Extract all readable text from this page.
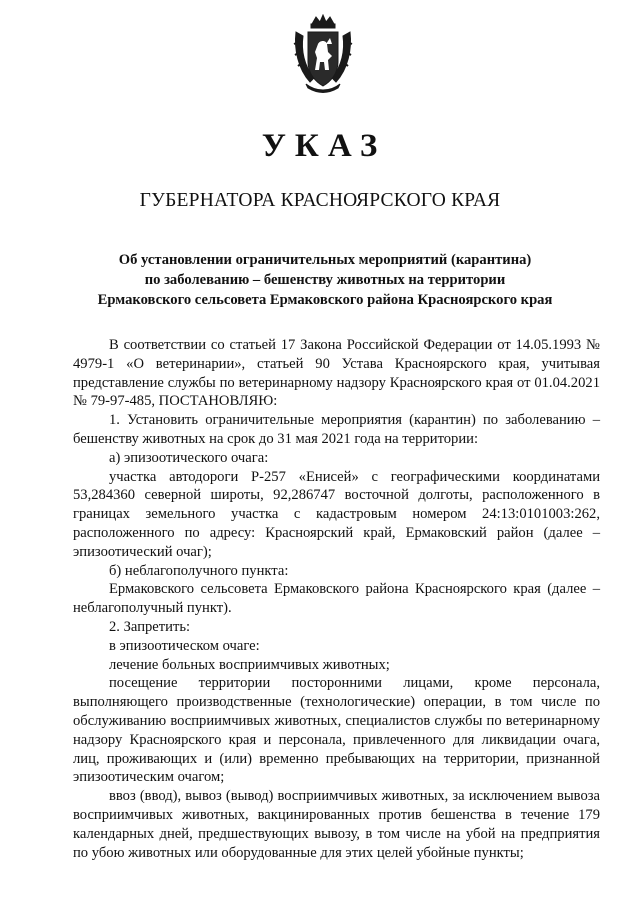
УКАЗ
ГУБЕРНАТОРА КРАСНОЯРСКОГО КРАЯ
Об установлении ограничительных мероприятий (карантина)
по заболеванию – бешенству животных на территории
Ермаковского сельсовета Ермаковского района Красноярского края

В соответствии со статьей 17 Закона Российской Федерации от 14.05.1993 № 4979-1 «О ветеринарии», статьей 90 Устава Красноярского края, учитывая представление службы по ветеринарному надзору Красноярского края от 01.04.2021 № 79-97-485, ПОСТАНОВЛЯЮ:

1. Установить ограничительные мероприятия (карантин) по заболеванию – бешенству животных на срок до 31 мая 2021 года на территории:

а) эпизоотического очага:

участка автодороги Р-257 «Енисей» с географическими координатами 53,284360 северной широты, 92,286747 восточной долготы, расположенного в границах земельного участка с кадастровым номером 24:13:0101003:262, расположенного по адресу: Красноярский край, Ермаковский район (далее – эпизоотический очаг);

б) неблагополучного пункта:

Ермаковского сельсовета Ермаковского района Красноярского края (далее – неблагополучный пункт).

2. Запретить:

в эпизоотическом очаге:

лечение больных восприимчивых животных;

посещение территории посторонними лицами, кроме персонала, выполняющего производственные (технологические) операции, в том числе по обслуживанию восприимчивых животных, специалистов службы по ветеринарному надзору Красноярского края и персонала, привлеченного для ликвидации очага, лиц, проживающих и (или) временно пребывающих на территории, признанной эпизоотическим очагом;

ввоз (ввод), вывоз (вывод) восприимчивых животных, за исключением вывоза восприимчивых животных, вакцинированных против бешенства в течение 179 календарных дней, предшествующих вывозу, в том числе на убой на предприятия по убою животных или оборудованные для этих целей убойные пункты;
